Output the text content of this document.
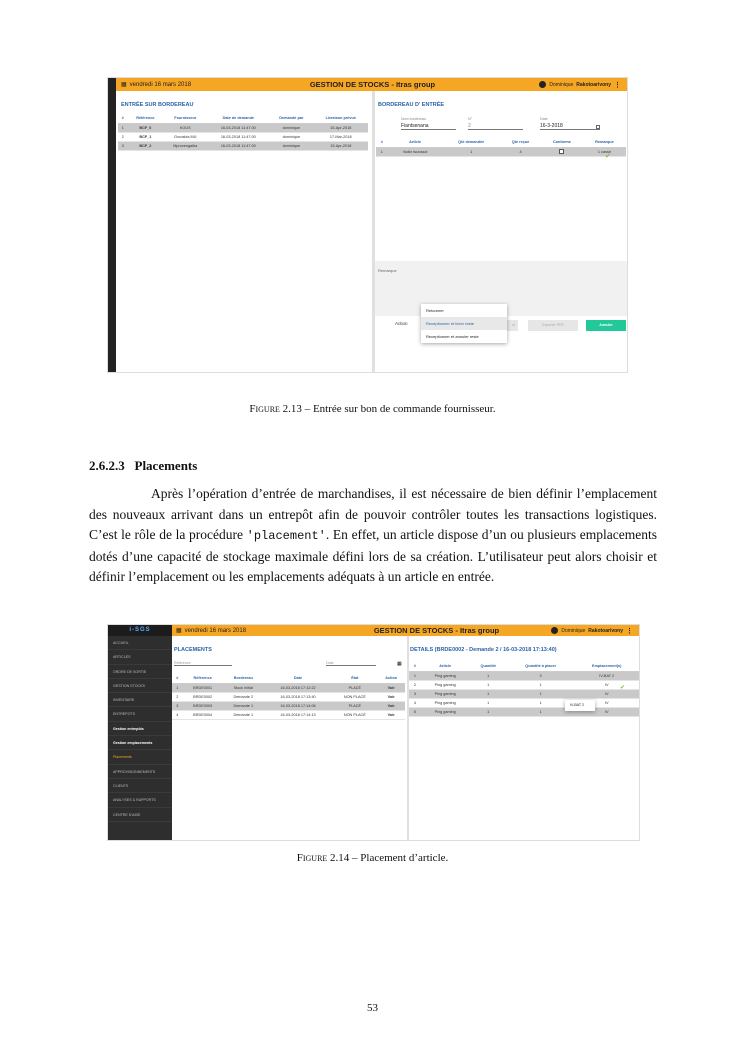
▦ vendredi 16 mars 2018	GESTION DE STOCKS - Itras group	Dominique Rakotoarivony ⋮
ENTRÉE SUR BORDEREAU
#	Référence	Fournisseur	Date de demande	Demandé par	Livraison prévue
1	BCF_0	KOUS	16-03-2018 11:47:00	dominique	15-Apr-2018
2	BCF_1	Groosbla MU	16-03-2018 11:47:00	dominique	17-Mar-2018
3	BCF_2	Mprovengalba	16-03-2018 11:47:00	dominique	15-Apr-2018
BORDEREAU D' ENTRÉE
Nom bordereau
Fiantsenana
N°
2
Date
16-3-2018
#	Article	Qté demandée	Qté reçue	Conforme	Remarque
1	Vodin tsunasol	1	4		1 cassé
✔
Remarque
Action	si	Exporter PDF	Annuler
Retourner
Receptionner et livrer reste
Receptionner et annuler reste
Figure 2.13 – Entrée sur bon de commande fournisseur.
2.6.2.3 Placements
Après l’opération d’entrée de marchandises, il est nécessaire de bien définir l’emplacement des nouveaux arrivant dans un entrepôt afin de pouvoir contrôler toutes les transactions logistiques. C’est le rôle de la procédure 'placement'. En effet, un article dispose d’un ou plusieurs emplacements dotés d’une capacité de stockage maximale défini lors de sa création. L’utilisateur peut alors choisir et définir l’emplacement ou les emplacements adéquats à un article en entrée.
i-SGS
ACCUEIL
ARTICLES
ORDRE DE SORTIE
GESTION STOCKS
INVENTAIRE
ENTREPOTS
Gestion entrepôts
Gestion emplacements
Placements
APPROVISIONNEMENTS
CLIENTS
ANALYSES & RAPPORTS
CENTRE D'AIDE
▦ vendredi 16 mars 2018	GESTION DE STOCKS - Itras group	Dominique Rakotoarivony ⋮
PLACEMENTS
Référence	Date	▦
#	Référence	Bordereau	Date	État	Action
1	BRDE0001	Stock Initial	16-03-2018 17:12:22	PLACÉ	Voir
2	BRDE0002	Demande 2	16-03-2018 17:13:40	NON PLACÉ	Voir
3	BRDE0003	Demande 1	16-03-2018 17:14:06	PLACÉ	Voir
4	BRDE0004	Demande 1	16-03-2018 17:14:13	NON PLACÉ	Voir
DETAILS (BRDE0002 - Demande 2 / 16-03-2018 17:13:40)
#	Article	Quantité	Quantité à placer	Emplacement(s)
1	Ping gaming	1	0	IV-BAT 2
2	Ping gaming	1	1	IV
3	Ping gaming	1	1	IV
4	Ping gaming	1	1	IV
5	Ping gaming	1	1	IV
✔
IV-BAT 2
Figure 2.14 – Placement d’article.
53
